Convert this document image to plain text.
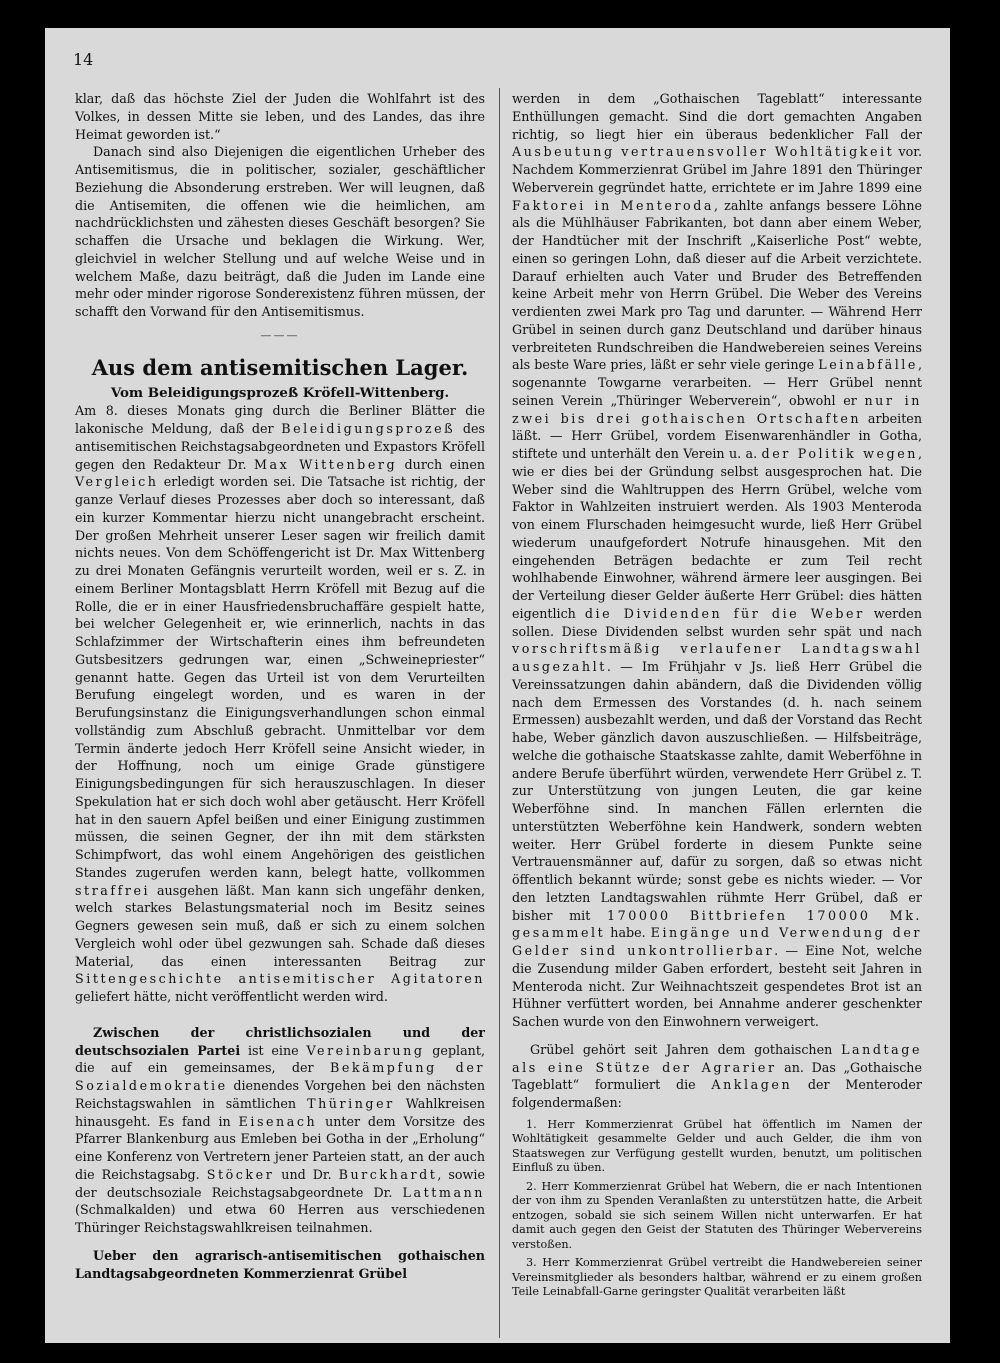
14

klar, daß das höchste Ziel der Juden die Wohlfahrt ist des Volkes, in dessen Mitte sie leben, und des Landes, das ihre Heimat geworden ist.“

Danach sind also Diejenigen die eigentlichen Urheber des Antisemitismus, die in politischer, sozialer, geschäftlicher Beziehung die Absonderung erstreben. Wer will leugnen, daß die Antisemiten, die offenen wie die heimlichen, am nachdrücklichsten und zähesten dieses Geschäft besorgen? Sie schaffen die Ursache und beklagen die Wirkung. Wer, gleichviel in welcher Stellung und auf welche Weise und in welchem Maße, dazu beiträgt, daß die Juden im Lande eine mehr oder minder rigorose Sonderexistenz führen müssen, der schafft den Vorwand für den Antisemitismus.

———
Aus dem antisemitischen Lager.
Vom Beleidigungsprozeß Kröfell-Wittenberg.

Am 8. dieses Monats ging durch die Berliner Blätter die lakonische Meldung, daß der Beleidigungsprozeß des antisemitischen Reichstagsabgeordneten und Expastors Kröfell gegen den Redakteur Dr. Max Wittenberg durch einen Vergleich erledigt worden sei. Die Tatsache ist richtig, der ganze Verlauf dieses Prozesses aber doch so interessant, daß ein kurzer Kommentar hierzu nicht unangebracht erscheint. Der großen Mehrheit unserer Leser sagen wir freilich damit nichts neues. Von dem Schöffengericht ist Dr. Max Wittenberg zu drei Monaten Gefängnis verurteilt worden, weil er s. Z. in einem Berliner Montagsblatt Herrn Kröfell mit Bezug auf die Rolle, die er in einer Hausfriedensbruchaffäre gespielt hatte, bei welcher Gelegenheit er, wie erinnerlich, nachts in das Schlafzimmer der Wirtschafterin eines ihm befreundeten Gutsbesitzers gedrungen war, einen „Schweinepriester“ genannt hatte. Gegen das Urteil ist von dem Verurteilten Berufung eingelegt worden, und es waren in der Berufungsinstanz die Einigungsverhandlungen schon einmal vollständig zum Abschluß gebracht. Unmittelbar vor dem Termin änderte jedoch Herr Kröfell seine Ansicht wieder, in der Hoffnung, noch um einige Grade günstigere Einigungsbedingungen für sich herauszuschlagen. In dieser Spekulation hat er sich doch wohl aber getäuscht. Herr Kröfell hat in den sauern Apfel beißen und einer Einigung zustimmen müssen, die seinen Gegner, der ihn mit dem stärksten Schimpfwort, das wohl einem Angehörigen des geistlichen Standes zugerufen werden kann, belegt hatte, vollkommen straffrei ausgehen läßt. Man kann sich ungefähr denken, welch starkes Belastungsmaterial noch im Besitz seines Gegners gewesen sein muß, daß er sich zu einem solchen Vergleich wohl oder übel gezwungen sah. Schade daß dieses Material, das einen interessanten Beitrag zur Sittengeschichte antisemitischer Agitatoren geliefert hätte, nicht veröffentlicht werden wird.

Zwischen der christlichsozialen und der deutschsozialen Partei ist eine Vereinbarung geplant, die auf ein gemeinsames, der Bekämpfung der Sozialdemokratie dienendes Vorgehen bei den nächsten Reichstagswahlen in sämtlichen Thüringer Wahlkreisen hinausgeht. Es fand in Eisenach unter dem Vorsitze des Pfarrer Blankenburg aus Emleben bei Gotha in der „Erholung“ eine Konferenz von Vertretern jener Parteien statt, an der auch die Reichstagsabg. Stöcker und Dr. Burckhardt, sowie der deutschsoziale Reichstagsabgeordnete Dr. Lattmann (Schmalkalden) und etwa 60 Herren aus verschiedenen Thüringer Reichstagswahlkreisen teilnahmen.

Ueber den agrarisch-antisemitischen gothaischen Landtagsabgeordneten Kommerzienrat Grübel

werden in dem „Gothaischen Tageblatt“ interessante Enthüllungen gemacht. Sind die dort gemachten Angaben richtig, so liegt hier ein überaus bedenklicher Fall der Ausbeutung vertrauensvoller Wohltätigkeit vor. Nachdem Kommerzienrat Grübel im Jahre 1891 den Thüringer Weberverein gegründet hatte, errichtete er im Jahre 1899 eine Faktorei in Menteroda, zahlte anfangs bessere Löhne als die Mühlhäuser Fabrikanten, bot dann aber einem Weber, der Handtücher mit der Inschrift „Kaiserliche Post“ webte, einen so geringen Lohn, daß dieser auf die Arbeit verzichtete. Darauf erhielten auch Vater und Bruder des Betreffenden keine Arbeit mehr von Herrn Grübel. Die Weber des Vereins verdienten zwei Mark pro Tag und darunter. — Während Herr Grübel in seinen durch ganz Deutschland und darüber hinaus verbreiteten Rundschreiben die Handwebereien seines Vereins als beste Ware pries, läßt er sehr viele geringe Leinabfälle, sogenannte Towgarne verarbeiten. — Herr Grübel nennt seinen Verein „Thüringer Weberverein“, obwohl er nur in zwei bis drei gothaischen Ortschaften arbeiten läßt. — Herr Grübel, vordem Eisenwarenhändler in Gotha, stiftete und unterhält den Verein u. a. der Politik wegen, wie er dies bei der Gründung selbst ausgesprochen hat. Die Weber sind die Wahltruppen des Herrn Grübel, welche vom Faktor in Wahlzeiten instruiert werden. Als 1903 Menteroda von einem Flurschaden heimgesucht wurde, ließ Herr Grübel wiederum unaufgefordert Notrufe hinausgehen. Mit den eingehenden Beträgen bedachte er zum Teil recht wohlhabende Einwohner, während ärmere leer ausgingen. Bei der Verteilung dieser Gelder äußerte Herr Grübel: dies hätten eigentlich die Dividenden für die Weber werden sollen. Diese Dividenden selbst wurden sehr spät und nach vorschriftsmäßig verlaufener Landtagswahl ausgezahlt. — Im Frühjahr v Js. ließ Herr Grübel die Vereinssatzungen dahin abändern, daß die Dividenden völlig nach dem Ermessen des Vorstandes (d. h. nach seinem Ermessen) ausbezahlt werden, und daß der Vorstand das Recht habe, Weber gänzlich davon auszuschließen. — Hilfsbeiträge, welche die gothaische Staatskasse zahlte, damit Weberföhne in andere Berufe überführt würden, verwendete Herr Grübel z. T. zur Unterstützung von jungen Leuten, die gar keine Weberföhne sind. In manchen Fällen erlernten die unterstützten Weberföhne kein Handwerk, sondern webten weiter. Herr Grübel forderte in diesem Punkte seine Vertrauensmänner auf, dafür zu sorgen, daß so etwas nicht öffentlich bekannt würde; sonst gebe es nichts wieder. — Vor den letzten Landtagswahlen rühmte Herr Grübel, daß er bisher mit 170000 Bittbriefen 170000 Mk. gesammelt habe. Eingänge und Verwendung der Gelder sind unkontrollierbar. — Eine Not, welche die Zusendung milder Gaben erfordert, besteht seit Jahren in Menteroda nicht. Zur Weihnachtszeit gespendetes Brot ist an Hühner verfüttert worden, bei Annahme anderer geschenkter Sachen wurde von den Einwohnern verweigert.

Grübel gehört seit Jahren dem gothaischen Landtage als eine Stütze der Agrarier an. Das „Gothaische Tageblatt“ formuliert die Anklagen der Menteroder folgendermaßen:

1. Herr Kommerzienrat Grübel hat öffentlich im Namen der Wohltätigkeit gesammelte Gelder und auch Gelder, die ihm von Staatswegen zur Verfügung gestellt wurden, benutzt, um politischen Einfluß zu üben.

2. Herr Kommerzienrat Grübel hat Webern, die er nach Intentionen der von ihm zu Spenden Veranlaßten zu unterstützen hatte, die Arbeit entzogen, sobald sie sich seinem Willen nicht unterwarfen. Er hat damit auch gegen den Geist der Statuten des Thüringer Webervereins verstoßen.

3. Herr Kommerzienrat Grübel vertreibt die Handwebereien seiner Vereinsmitglieder als besonders haltbar, während er zu einem großen Teile Leinabfall-Garne geringster Qualität verarbeiten läßt
